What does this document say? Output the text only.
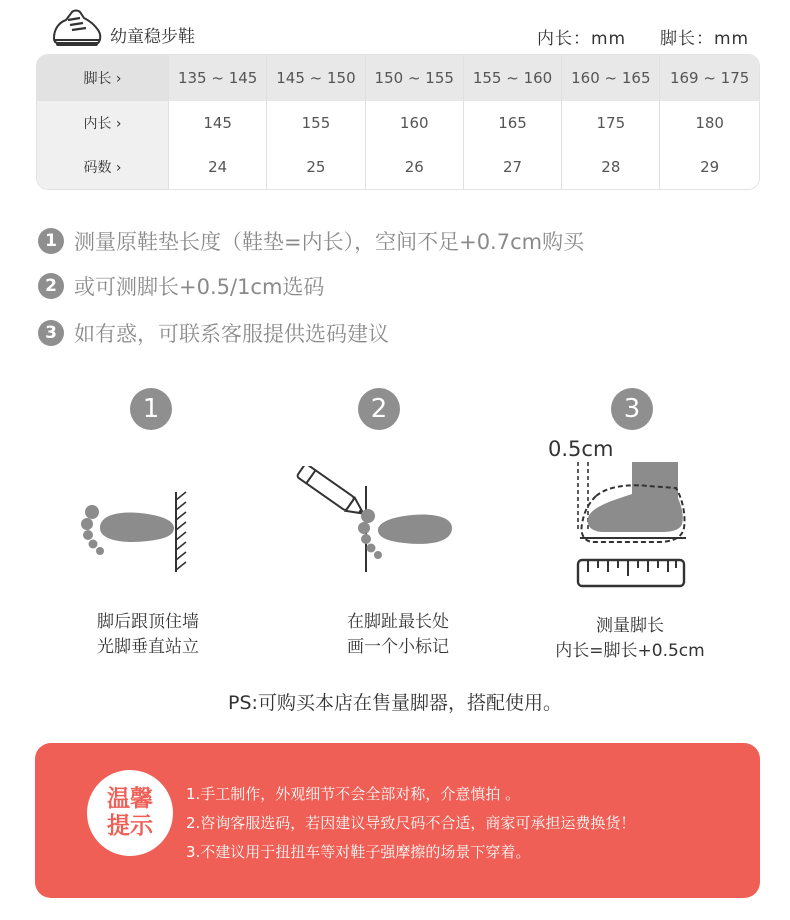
幼童稳步鞋	内长：mm 脚长：mm
脚长 ›	135 ~ 145	145 ~ 150	150 ~ 155	155 ~ 160	160 ~ 165	169 ~ 175
内长 ›	145	155	160	165	175	180
码数 ›	24	25	26	27	28	29
1 测量原鞋垫长度（鞋垫=内长），空间不足+0.7cm购买
2 或可测脚长+0.5/1cm选码
3 如有惑，可联系客服提供选码建议
1
脚后跟顶住墙
光脚垂直站立
2
在脚趾最长处
画一个小标记
3
0.5cm
测量脚长
内长=脚长+0.5cm
PS:可购买本店在售量脚器，搭配使用。
温馨
提示
1.手工制作，外观细节不会全部对称，介意慎拍 。
2.咨询客服选码，若因建议导致尺码不合适，商家可承担运费换货！
3.不建议用于扭扭车等对鞋子强摩擦的场景下穿着。
